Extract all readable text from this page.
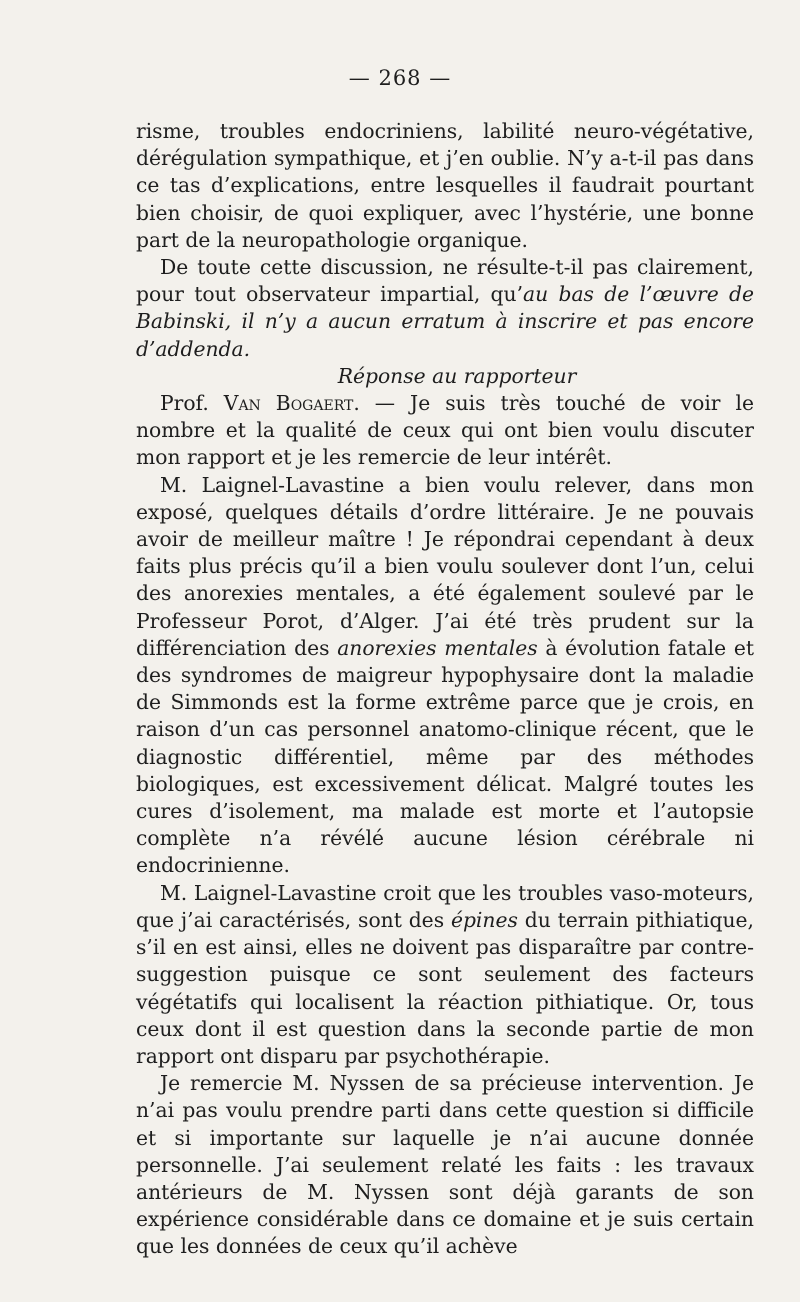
— 268 —

risme, troubles endocriniens, labilité neuro-végétative, dérégulation sympathique, et j’en oublie. N’y a-t-il pas dans ce tas d’explications, entre lesquelles il faudrait pourtant bien choisir, de quoi expliquer, avec l’hystérie, une bonne part de la neuropathologie organique.

De toute cette discussion, ne résulte-t-il pas clairement, pour tout observateur impartial, qu’au bas de l’œuvre de Babinski, il n’y a aucun erratum à inscrire et pas encore d’addenda.

Réponse au rapporteur

Prof. Van Bogaert. — Je suis très touché de voir le nombre et la qualité de ceux qui ont bien voulu discuter mon rapport et je les remercie de leur intérêt.

M. Laignel-Lavastine a bien voulu relever, dans mon exposé, quelques détails d’ordre littéraire. Je ne pouvais avoir de meilleur maître ! Je répondrai cependant à deux faits plus précis qu’il a bien voulu soulever dont l’un, celui des anorexies mentales, a été également soulevé par le Professeur Porot, d’Alger. J’ai été très prudent sur la différenciation des anorexies mentales à évolution fatale et des syndromes de maigreur hypophysaire dont la maladie de Simmonds est la forme extrême parce que je crois, en raison d’un cas personnel anatomo-clinique récent, que le diagnostic différentiel, même par des méthodes biologiques, est excessivement délicat. Malgré toutes les cures d’isolement, ma malade est morte et l’autopsie complète n’a révélé aucune lésion cérébrale ni endocrinienne.

M. Laignel-Lavastine croit que les troubles vaso-moteurs, que j’ai caractérisés, sont des épines du terrain pithiatique, s’il en est ainsi, elles ne doivent pas disparaître par contre-suggestion puisque ce sont seulement des facteurs végétatifs qui localisent la réaction pithiatique. Or, tous ceux dont il est question dans la seconde partie de mon rapport ont disparu par psychothérapie.

Je remercie M. Nyssen de sa précieuse intervention. Je n’ai pas voulu prendre parti dans cette question si difficile et si importante sur laquelle je n’ai aucune donnée personnelle. J’ai seulement relaté les faits : les travaux antérieurs de M. Nyssen sont déjà garants de son expérience considérable dans ce domaine et je suis certain que les données de ceux qu’il achève
